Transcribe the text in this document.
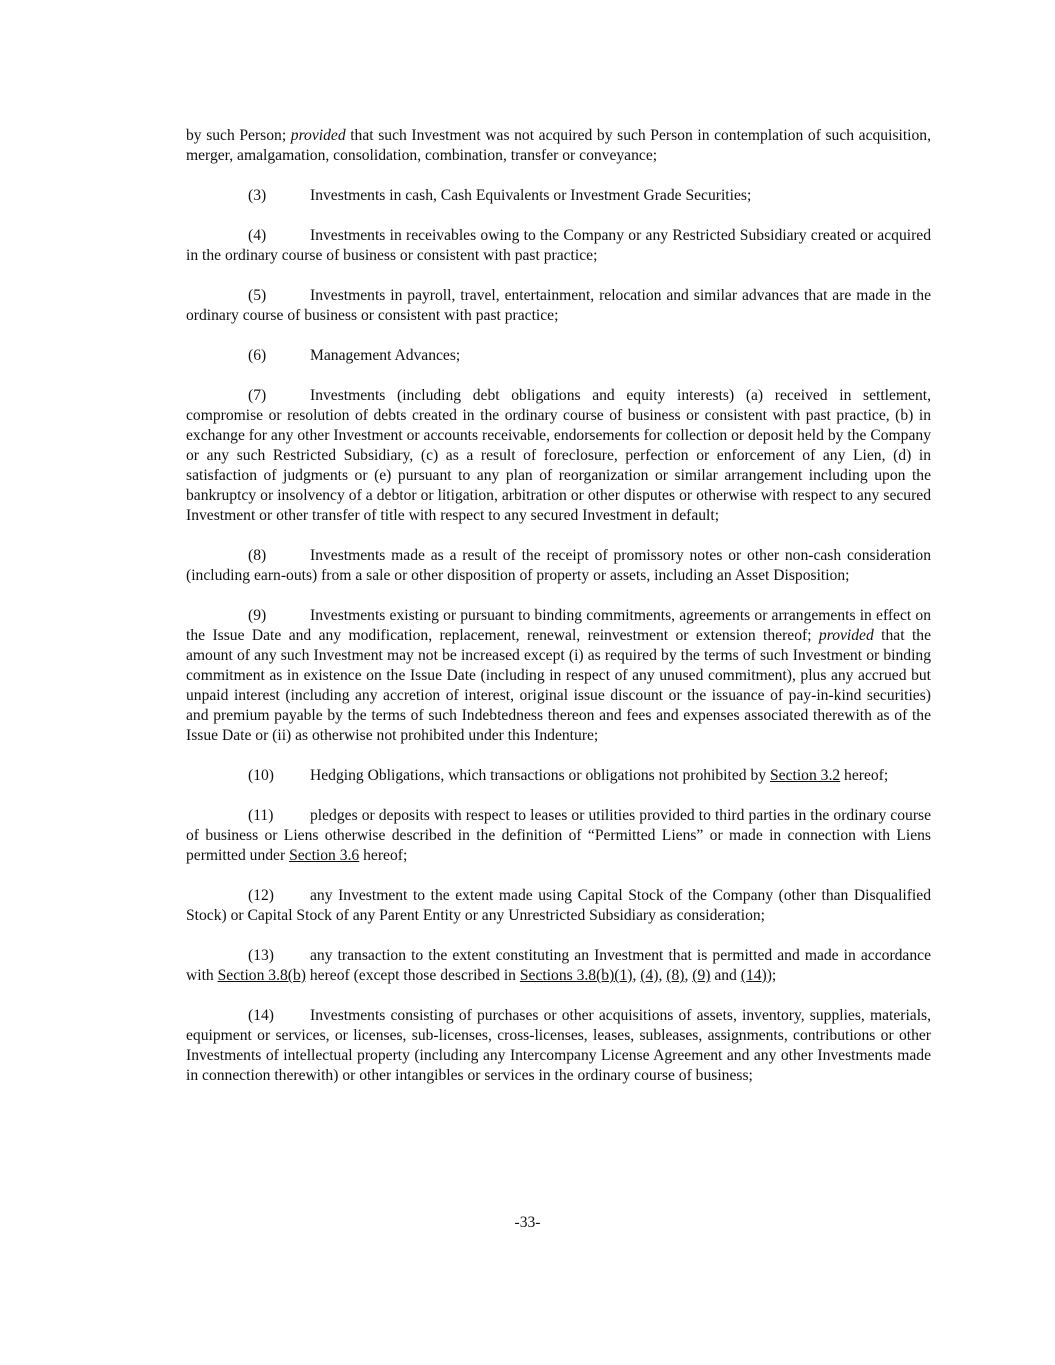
by such Person; provided that such Investment was not acquired by such Person in contemplation of such acquisition, merger, amalgamation, consolidation, combination, transfer or conveyance;

(3)	Investments in cash, Cash Equivalents or Investment Grade Securities;

(4)	Investments in receivables owing to the Company or any Restricted Subsidiary created or acquired in the ordinary course of business or consistent with past practice;

(5)	Investments in payroll, travel, entertainment, relocation and similar advances that are made in the ordinary course of business or consistent with past practice;

(6)	Management Advances;

(7)	Investments (including debt obligations and equity interests) (a) received in settlement, compromise or resolution of debts created in the ordinary course of business or consistent with past practice, (b) in exchange for any other Investment or accounts receivable, endorsements for collection or deposit held by the Company or any such Restricted Subsidiary, (c) as a result of foreclosure, perfection or enforcement of any Lien, (d) in satisfaction of judgments or (e) pursuant to any plan of reorganization or similar arrangement including upon the bankruptcy or insolvency of a debtor or litigation, arbitration or other disputes or otherwise with respect to any secured Investment or other transfer of title with respect to any secured Investment in default;

(8)	Investments made as a result of the receipt of promissory notes or other non-cash consideration (including earn-outs) from a sale or other disposition of property or assets, including an Asset Disposition;

(9)	Investments existing or pursuant to binding commitments, agreements or arrangements in effect on the Issue Date and any modification, replacement, renewal, reinvestment or extension thereof; provided that the amount of any such Investment may not be increased except (i) as required by the terms of such Investment or binding commitment as in existence on the Issue Date (including in respect of any unused commitment), plus any accrued but unpaid interest (including any accretion of interest, original issue discount or the issuance of pay-in-kind securities) and premium payable by the terms of such Indebtedness thereon and fees and expenses associated therewith as of the Issue Date or (ii) as otherwise not prohibited under this Indenture;

(10) Hedging Obligations, which transactions or obligations not prohibited by Section 3.2 hereof;

(11) pledges or deposits with respect to leases or utilities provided to third parties in the ordinary course of business or Liens otherwise described in the definition of “Permitted Liens” or made in connection with Liens permitted under Section 3.6 hereof;

(12) any Investment to the extent made using Capital Stock of the Company (other than Disqualified Stock) or Capital Stock of any Parent Entity or any Unrestricted Subsidiary as consideration;

(13) any transaction to the extent constituting an Investment that is permitted and made in accordance with Section 3.8(b) hereof (except those described in Sections 3.8(b)(1), (4), (8), (9) and (14));

(14) Investments consisting of purchases or other acquisitions of assets, inventory, supplies, materials, equipment or services, or licenses, sub-licenses, cross-licenses, leases, subleases, assignments, contributions or other Investments of intellectual property (including any Intercompany License Agreement and any other Investments made in connection therewith) or other intangibles or services in the ordinary course of business;

-33-
